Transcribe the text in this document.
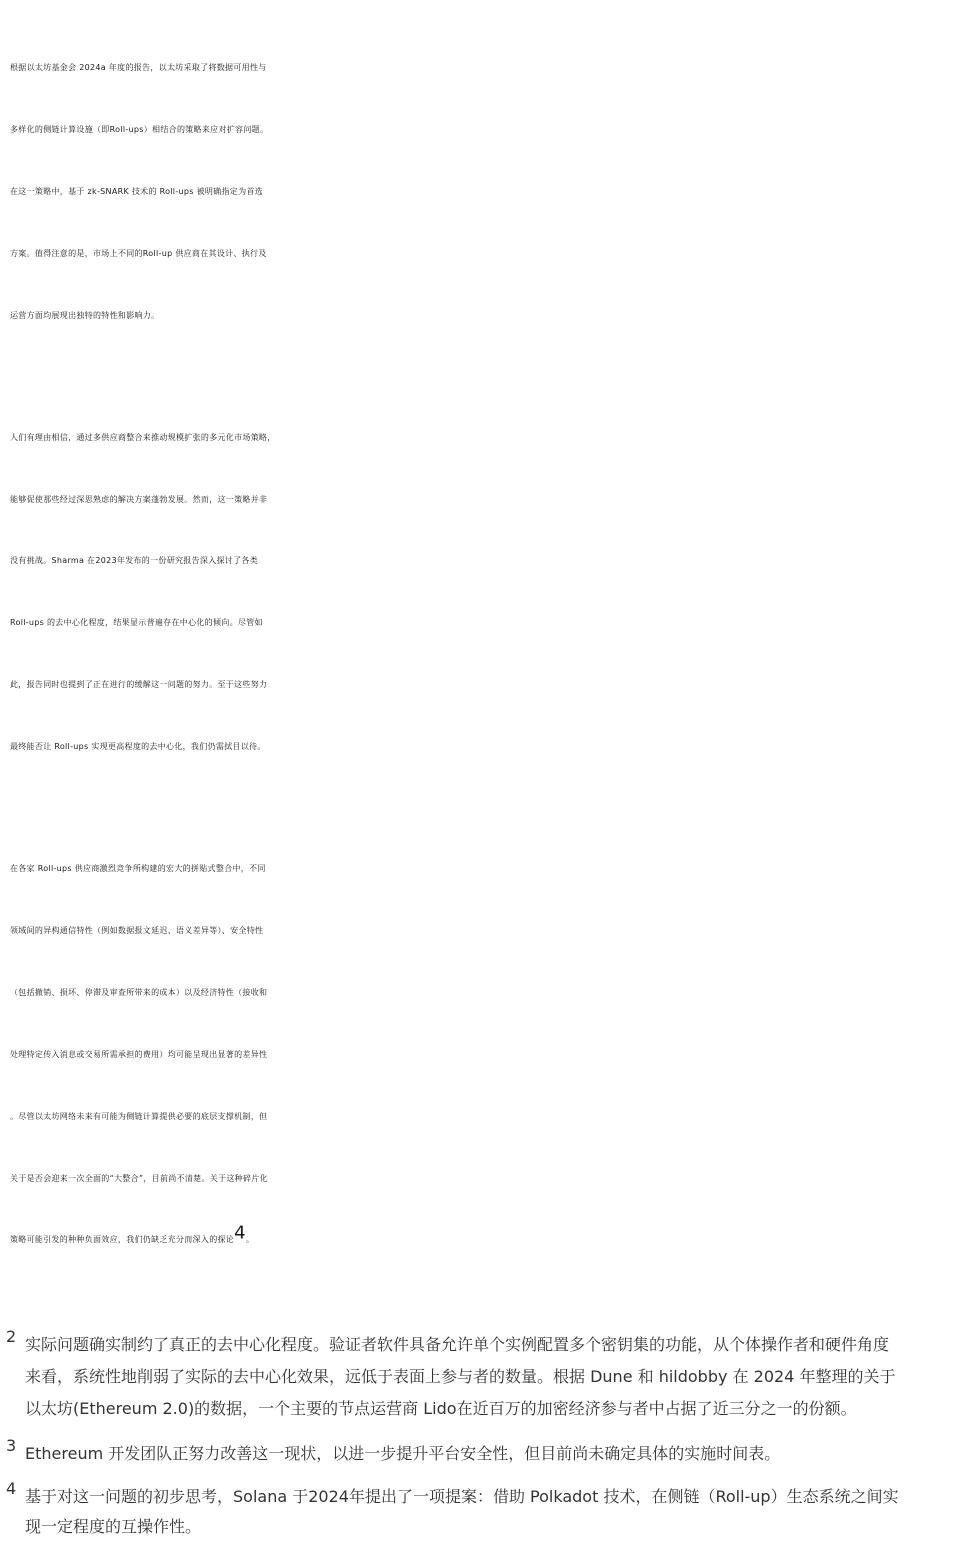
根据以太坊基金会 2024a 年度的报告，以太坊采取了将数据可用性与
多样化的侧链计算设施（即Roll-ups）相结合的策略来应对扩容问题。
在这一策略中，基于 zk-SNARK 技术的 Roll-ups 被明确指定为首选
方案。值得注意的是，市场上不同的Roll-up 供应商在其设计、执行及
运营方面均展现出独特的特性和影响力。
人们有理由相信，通过多供应商整合来推动规模扩张的多元化市场策略，
能够促使那些经过深思熟虑的解决方案蓬勃发展。然而，这一策略并非
没有挑战。Sharma 在2023年发布的一份研究报告深入探讨了各类
Roll-ups 的去中心化程度，结果显示普遍存在中心化的倾向。尽管如
此，报告同时也提到了正在进行的缓解这一问题的努力。至于这些努力
最终能否让 Roll-ups 实现更高程度的去中心化，我们仍需拭目以待。
在各家 Roll-ups 供应商激烈竞争所构建的宏大的拼贴式整合中，不同
领域间的异构通信特性（例如数据报文延迟、语义差异等）、安全特性
（包括撤销、损坏、停滞及审查所带来的成本）以及经济特性（接收和
处理特定传入消息或交易所需承担的费用）均可能呈现出显著的差异性
。尽管以太坊网络未来有可能为侧链计算提供必要的底层支撑机制，但
关于是否会迎来一次全面的“大整合”，目前尚不清楚。关于这种碎片化
策略可能引发的种种负面效应，我们仍缺乏充分而深入的探论$^4$。
2 实际问题确实制约了真正的去中心化程度。验证者软件具备允许单个实例配置多个密钥集的功能，从个体操作者和硬件角度
来看，系统性地削弱了实际的去中心化效果，远低于表面上参与者的数量。根据 Dune 和 hildobby 在 2024 年整理的关于
以太坊(Ethereum 2.0)的数据，一个主要的节点运营商 Lido在近百万的加密经济参与者中占据了近三分之一的份额。
3 Ethereum 开发团队正努力改善这一现状，以进一步提升平台安全性，但目前尚未确定具体的实施时间表。
4 基于对这一问题的初步思考，Solana 于2024年提出了一项提案：借助 Polkadot 技术，在侧链（Roll-up）生态系统之间实
现一定程度的互操作性。
